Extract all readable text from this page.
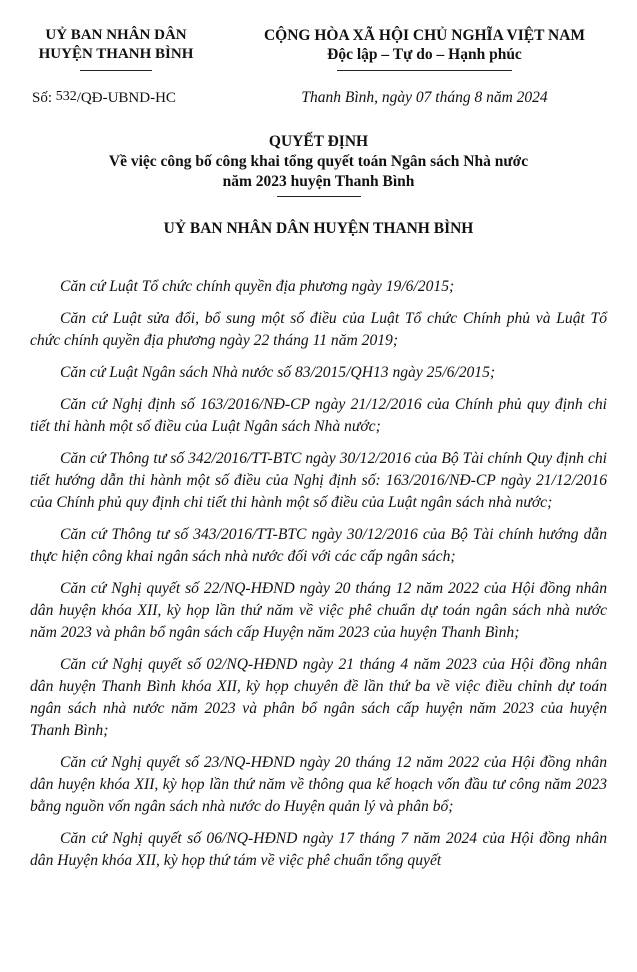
UỶ BAN NHÂN DÂN
HUYỆN THANH BÌNH
CỘNG HÒA XÃ HỘI CHỦ NGHĨA VIỆT NAM
Độc lập – Tự do – Hạnh phúc
Số: 532/QĐ-UBND-HC	Thanh Bình, ngày 07 tháng 8 năm 2024
QUYẾT ĐỊNH
Về việc công bố công khai tổng quyết toán Ngân sách Nhà nước
năm 2023 huyện Thanh Bình
UỶ BAN NHÂN DÂN HUYỆN THANH BÌNH

Căn cứ Luật Tổ chức chính quyền địa phương ngày 19/6/2015;

Căn cứ Luật sửa đổi, bổ sung một số điều của Luật Tổ chức Chính phủ và Luật Tổ chức chính quyền địa phương ngày 22 tháng 11 năm 2019;

Căn cứ Luật Ngân sách Nhà nước số 83/2015/QH13 ngày 25/6/2015;

Căn cứ Nghị định số 163/2016/NĐ-CP ngày 21/12/2016 của Chính phủ quy định chi tiết thi hành một số điều của Luật Ngân sách Nhà nước;

Căn cứ Thông tư số 342/2016/TT-BTC ngày 30/12/2016 của Bộ Tài chính Quy định chi tiết hướng dẫn thi hành một số điều của Nghị định số: 163/2016/NĐ-CP ngày 21/12/2016 của Chính phủ quy định chi tiết thi hành một số điều của Luật ngân sách nhà nước;

Căn cứ Thông tư số 343/2016/TT-BTC ngày 30/12/2016 của Bộ Tài chính hướng dẫn thực hiện công khai ngân sách nhà nước đối với các cấp ngân sách;

Căn cứ Nghị quyết số 22/NQ-HĐND ngày 20 tháng 12 năm 2022 của Hội đồng nhân dân huyện khóa XII, kỳ họp lần thứ năm về việc phê chuẩn dự toán ngân sách nhà nước năm 2023 và phân bổ ngân sách cấp Huyện năm 2023 của huyện Thanh Bình;

Căn cứ Nghị quyết số 02/NQ-HĐND ngày 21 tháng 4 năm 2023 của Hội đồng nhân dân huyện Thanh Bình khóa XII, kỳ họp chuyên đề lần thứ ba về việc điều chỉnh dự toán ngân sách nhà nước năm 2023 và phân bổ ngân sách cấp huyện năm 2023 của huyện Thanh Bình;

Căn cứ Nghị quyết số 23/NQ-HĐND ngày 20 tháng 12 năm 2022 của Hội đồng nhân dân huyện khóa XII, kỳ họp lần thứ năm về thông qua kế hoạch vốn đầu tư công năm 2023 bằng nguồn vốn ngân sách nhà nước do Huyện quản lý và phân bổ;

Căn cứ Nghị quyết số 06/NQ-HĐND ngày 17 tháng 7 năm 2024 của Hội đồng nhân dân Huyện khóa XII, kỳ họp thứ tám về việc phê chuẩn tổng quyết
